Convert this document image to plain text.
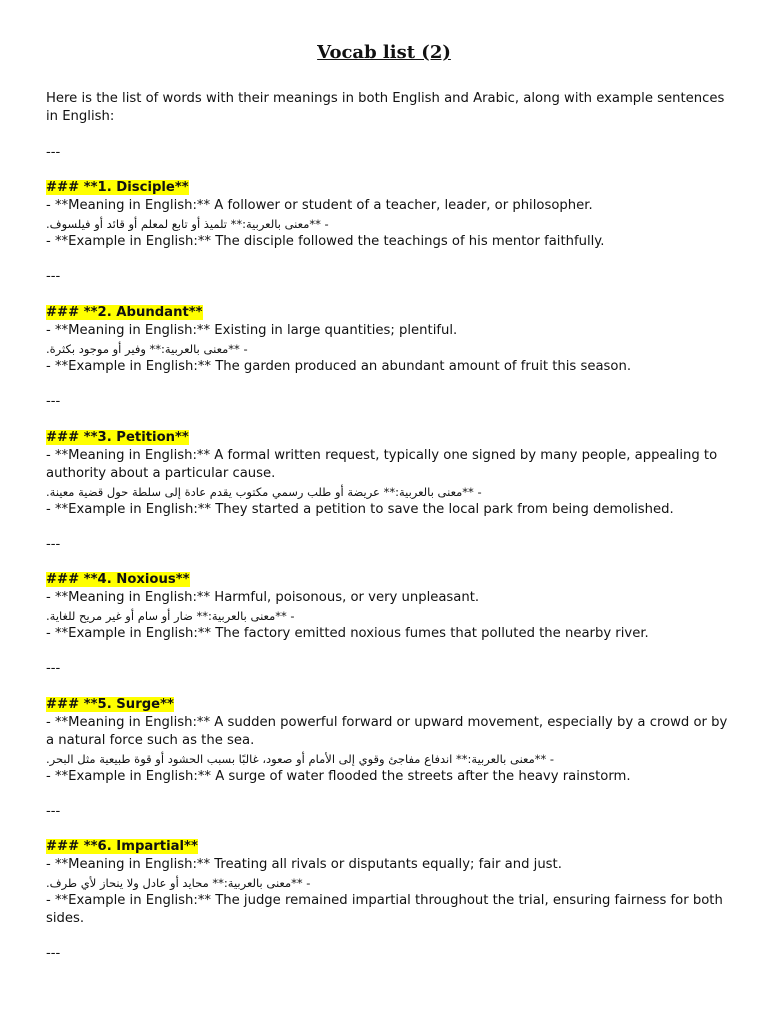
Vocab list (2)

Here is the list of words with their meanings in both English and Arabic, along with example sentences in English:

---

### **1. Disciple**

- **Meaning in English:** A follower or student of a teacher, leader, or philosopher.

- **معنى بالعربية:** تلميذ أو تابع لمعلم أو قائد أو فيلسوف.

- **Example in English:** The disciple followed the teachings of his mentor faithfully.

---

### **2. Abundant**

- **Meaning in English:** Existing in large quantities; plentiful.

- **معنى بالعربية:** وفير أو موجود بكثرة.

- **Example in English:** The garden produced an abundant amount of fruit this season.

---

### **3. Petition**

- **Meaning in English:** A formal written request, typically one signed by many people, appealing to authority about a particular cause.

- **معنى بالعربية:** عريضة أو طلب رسمي مكتوب يقدم عادة إلى سلطة حول قضية معينة.

- **Example in English:** They started a petition to save the local park from being demolished.

---

### **4. Noxious**

- **Meaning in English:** Harmful, poisonous, or very unpleasant.

- **معنى بالعربية:** ضار أو سام أو غير مريح للغاية.

- **Example in English:** The factory emitted noxious fumes that polluted the nearby river.

---

### **5. Surge**

- **Meaning in English:** A sudden powerful forward or upward movement, especially by a crowd or by a natural force such as the sea.

- **معنى بالعربية:** اندفاع مفاجئ وقوي إلى الأمام أو صعود، غالبًا بسبب الحشود أو قوة طبيعية مثل البحر.

- **Example in English:** A surge of water flooded the streets after the heavy rainstorm.

---

### **6. Impartial**

- **Meaning in English:** Treating all rivals or disputants equally; fair and just.

- **معنى بالعربية:** محايد أو عادل ولا ينحاز لأي طرف.

- **Example in English:** The judge remained impartial throughout the trial, ensuring fairness for both sides.

---
